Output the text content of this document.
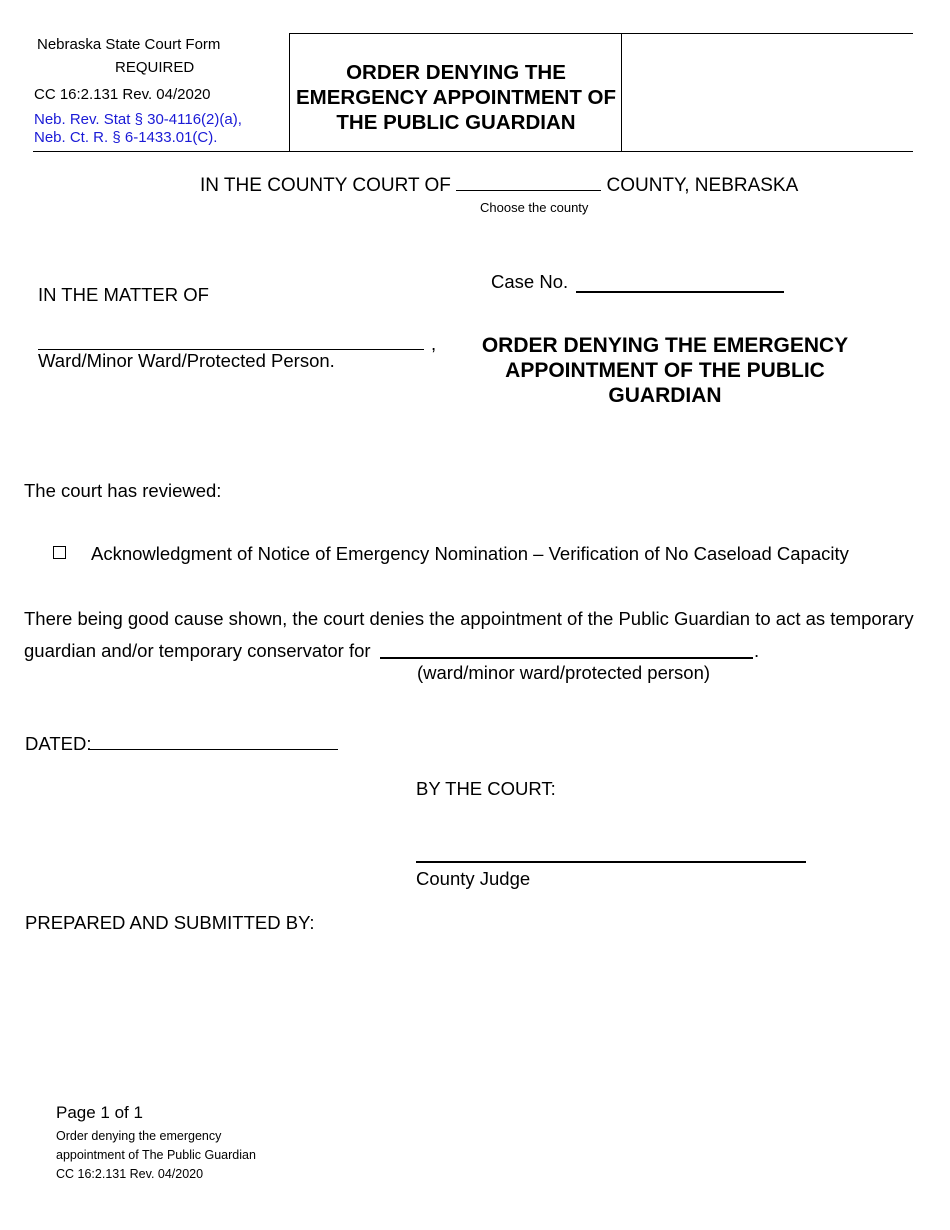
Nebraska State Court Form
REQUIRED
CC 16:2.131 Rev. 04/2020
Neb. Rev. Stat § 30-4116(2)(a),
Neb. Ct. R. § 6-1433.01(C).
ORDER DENYING THE EMERGENCY APPOINTMENT OF THE PUBLIC GUARDIAN
IN THE COUNTY COURT OF	COUNTY, NEBRASKA
Choose the county
IN THE MATTER OF
Case No.
,
Ward/Minor Ward/Protected Person.
ORDER DENYING THE EMERGENCY APPOINTMENT OF THE PUBLIC GUARDIAN
The court has reviewed:
Acknowledgment of Notice of Emergency Nomination – Verification of No Caseload Capacity
There being good cause shown, the court denies the appointment of the Public Guardian to act as temporary
guardian and/or temporary conservator for	.
(ward/minor ward/protected person)
DATED:
BY THE COURT:
County Judge
PREPARED AND SUBMITTED BY:
Page 1 of 1
Order denying the emergency
appointment of The Public Guardian
CC 16:2.131 Rev. 04/2020
